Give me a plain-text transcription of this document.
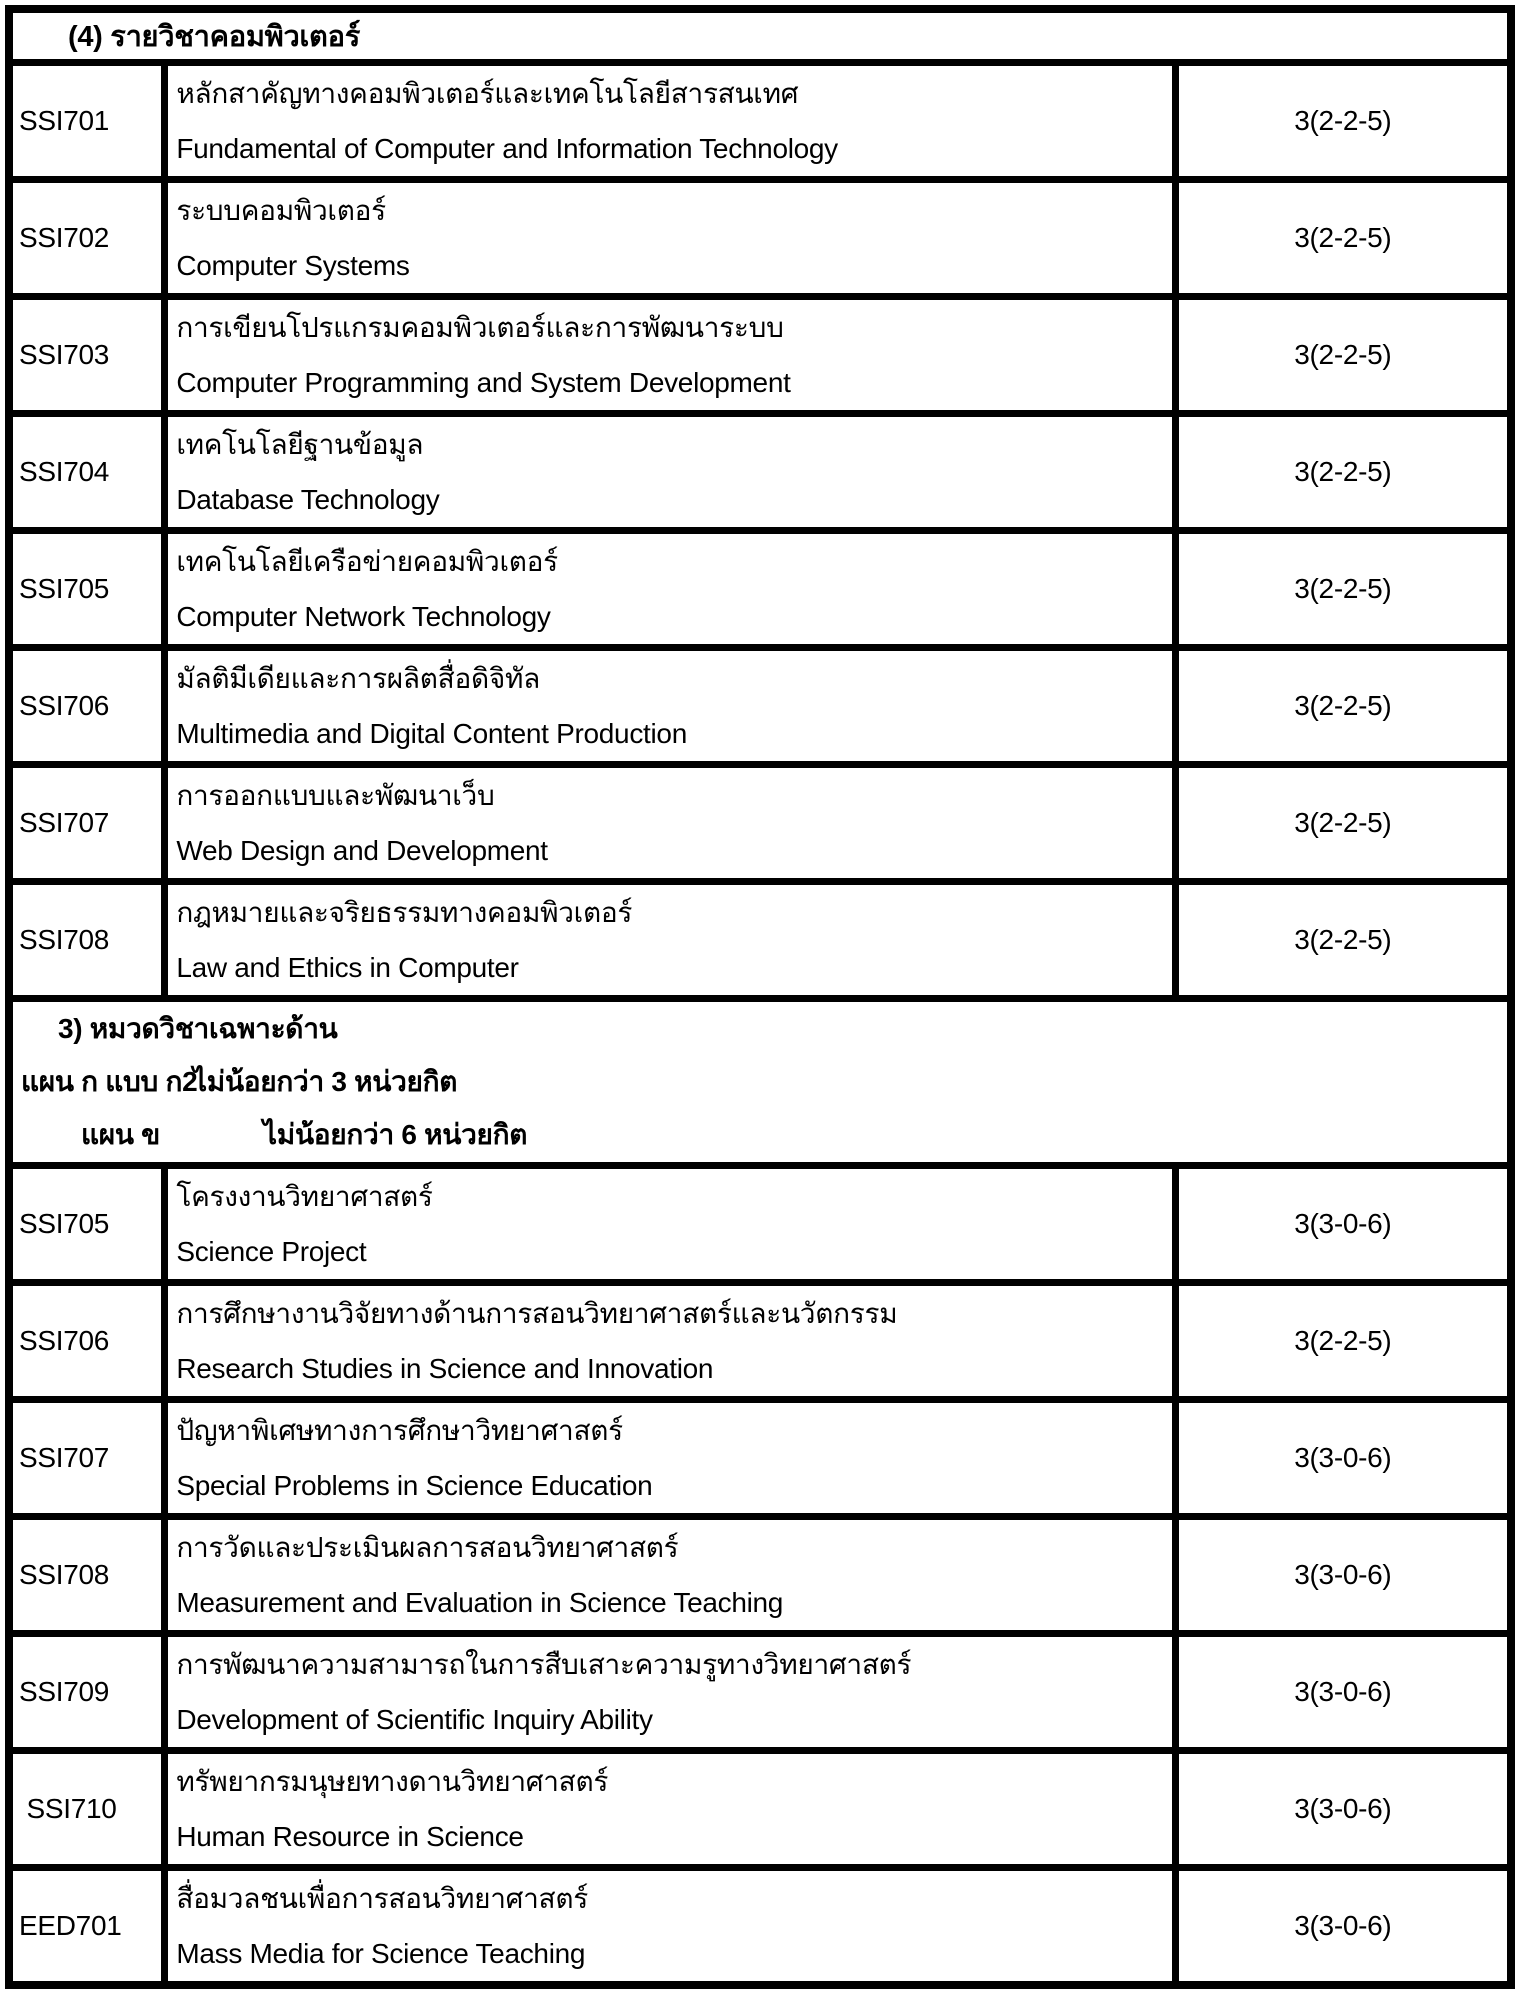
(4) รายวิชาคอมพิวเตอร์		
SSI701	หลักสาคัญทางคอมพิวเตอร์และเทคโนโลยีสารสนเทศ
Fundamental of Computer and Information Technology	3(2-2-5)
SSI702	ระบบคอมพิวเตอร์
Computer Systems	3(2-2-5)
SSI703	การเขียนโปรแกรมคอมพิวเตอร์และการพัฒนาระบบ
Computer Programming and System Development	3(2-2-5)
SSI704	เทคโนโลยีฐานข้อมูล
Database Technology	3(2-2-5)
SSI705	เทคโนโลยีเครือข่ายคอมพิวเตอร์
Computer Network Technology	3(2-2-5)
SSI706	มัลติมีเดียและการผลิตสื่อดิจิทัล
Multimedia and Digital Content Production	3(2-2-5)
SSI707	การออกแบบและพัฒนาเว็บ
Web Design and Development	3(2-2-5)
SSI708	กฎหมายและจริยธรรมทางคอมพิวเตอร์
Law and Ethics in Computer	3(2-2-5)

3) หมวดวิชาเฉพาะด้าน
แผน ก แบบ ก2
ไม่น้อยกว่า 3 หน่วยกิต
แผน ข ไม่น้อยกว่า 6 หน่วยกิต		

SSI705	โครงงานวิทยาศาสตร์
Science Project	3(3-0-6)
SSI706	การศึกษางานวิจัยทางด้านการสอนวิทยาศาสตร์และนวัตกรรม
Research Studies in Science and Innovation	3(2-2-5)
SSI707	ปัญหาพิเศษทางการศึกษาวิทยาศาสตร์
Special Problems in Science Education	3(3-0-6)
SSI708	การวัดและประเมินผลการสอนวิทยาศาสตร์
Measurement and Evaluation in Science Teaching	3(3-0-6)
SSI709	การพัฒนาความสามารถในการสืบเสาะความรูทางวิทยาศาสตร์
Development of Scientific Inquiry Ability	3(3-0-6)
SSI710	ทรัพยากรมนุษยทางดานวิทยาศาสตร์
Human Resource in Science	3(3-0-6)
EED701	สื่อมวลชนเพื่อการสอนวิทยาศาสตร์
Mass Media for Science Teaching	3(3-0-6)
